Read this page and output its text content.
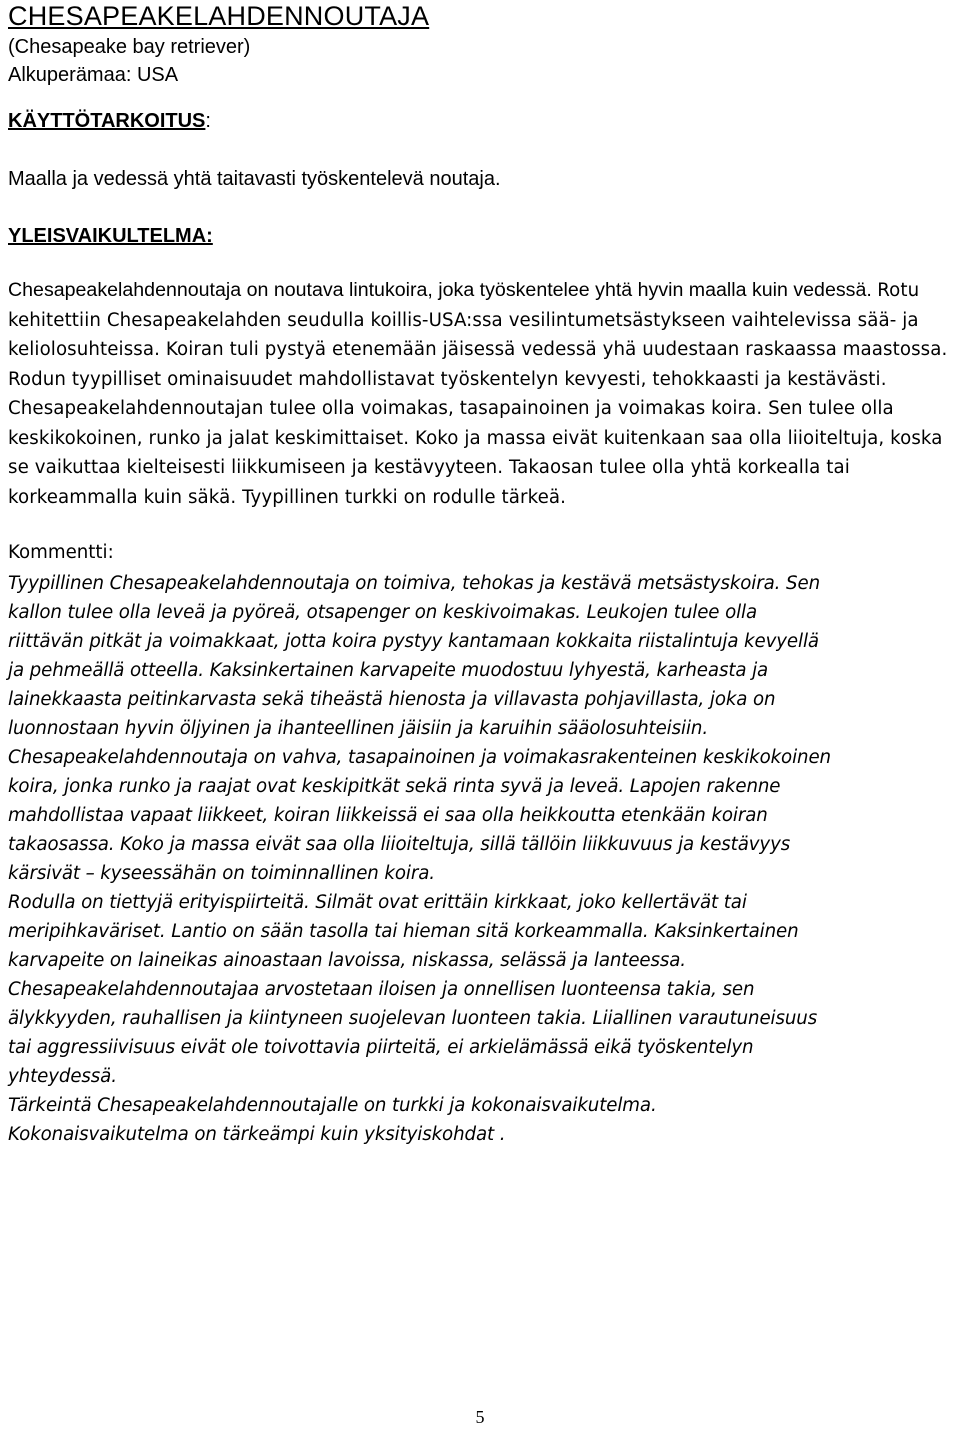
CHESAPEAKELAHDENNOUTAJA

(Chesapeake bay retriever)

Alkuperämaa: USA

KÄYTTÖTARKOITUS:

Maalla ja vedessä yhtä taitavasti työskentelevä noutaja.

YLEISVAIKULTELMA:

Chesapeakelahdennoutaja on noutava lintukoira, joka työskentelee yhtä hyvin maalla kuin vedessä. Rotu kehitettiin Chesapeakelahden seudulla koillis-USA:ssa vesilintumetsästykseen vaihtelevissa sää- ja keliolosuhteissa. Koiran tuli pystyä etenemään jäisessä vedessä yhä uudestaan raskaassa maastossa. Rodun tyypilliset ominaisuudet mahdollistavat työskentelyn kevyesti, tehokkaasti ja kestävästi. Chesapeakelahdennoutajan tulee olla voimakas, tasapainoinen ja voimakas koira. Sen tulee olla keskikokoinen, runko ja jalat keskimittaiset. Koko ja massa eivät kuitenkaan saa olla liioiteltuja, koska se vaikuttaa kielteisesti liikkumiseen ja kestävyyteen. Takaosan tulee olla yhtä korkealla tai korkeammalla kuin säkä. Tyypillinen turkki on rodulle tärkeä.

Kommentti:

Tyypillinen Chesapeakelahdennoutaja on toimiva, tehokas ja kestävä metsästyskoira. Sen

kallon tulee olla leveä ja pyöreä, otsapenger on keskivoimakas. Leukojen tulee olla

riittävän pitkät ja voimakkaat, jotta koira pystyy kantamaan kokkaita riistalintuja kevyellä

ja pehmeällä otteella. Kaksinkertainen karvapeite muodostuu lyhyestä, karheasta ja

lainekkaasta peitinkarvasta sekä tiheästä hienosta ja villavasta pohjavillasta, joka on

luonnostaan hyvin öljyinen ja ihanteellinen jäisiin ja karuihin sääolosuhteisiin.

Chesapeakelahdennoutaja on vahva, tasapainoinen ja voimakasrakenteinen keskikokoinen

koira, jonka runko ja raajat ovat keskipitkät sekä rinta syvä ja leveä. Lapojen rakenne

mahdollistaa vapaat liikkeet, koiran liikkeissä ei saa olla heikkoutta etenkään koiran

takaosassa. Koko ja massa eivät saa olla liioiteltuja, sillä tällöin liikkuvuus ja kestävyys

kärsivät – kyseessähän on toiminnallinen koira.

Rodulla on tiettyjä erityispiirteitä. Silmät ovat erittäin kirkkaat, joko kellertävät tai

meripihkaväriset. Lantio on sään tasolla tai hieman sitä korkeammalla. Kaksinkertainen

karvapeite on laineikas ainoastaan lavoissa, niskassa, selässä ja lanteessa.

Chesapeakelahdennoutajaa arvostetaan iloisen ja onnellisen luonteensa takia, sen

älykkyyden, rauhallisen ja kiintyneen suojelevan luonteen takia. Liiallinen varautuneisuus

tai aggressiivisuus eivät ole toivottavia piirteitä, ei arkielämässä eikä työskentelyn

yhteydessä.

Tärkeintä Chesapeakelahdennoutajalle on turkki ja kokonaisvaikutelma.

Kokonaisvaikutelma on tärkeämpi kuin yksityiskohdat .

5
